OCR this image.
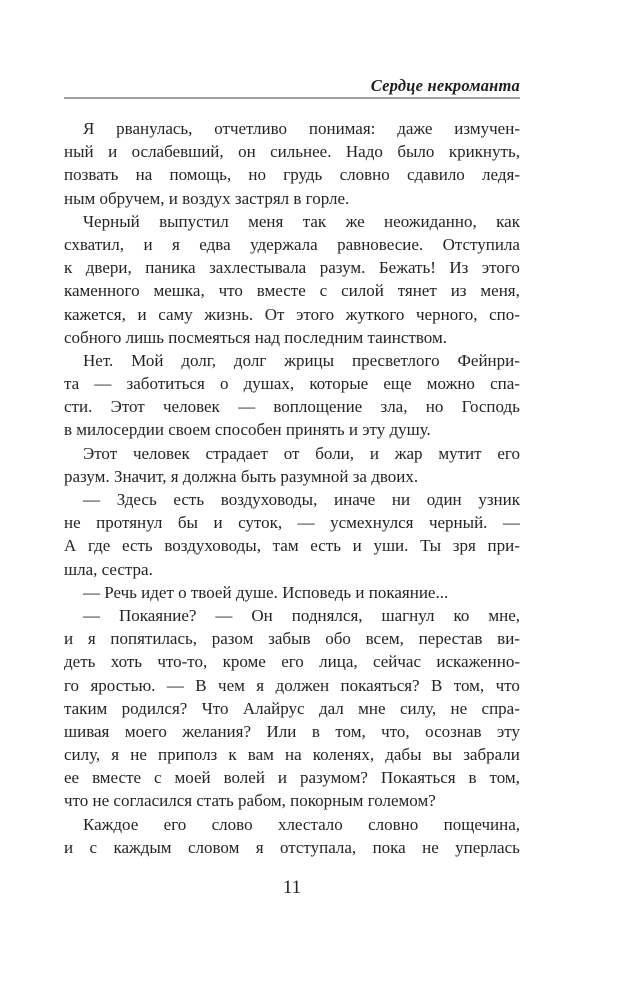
Сердце некроманта
Я рванулась, отчетливо понимая: даже измучен-
ный и ослабевший, он сильнее. Надо было крикнуть,
позвать на помощь, но грудь словно сдавило ледя-
ным обручем, и воздух застрял в горле.
Черный выпустил меня так же неожиданно, как
схватил, и я едва удержала равновесие. Отступила
к двери, паника захлестывала разум. Бежать! Из этого
каменного мешка, что вместе с силой тянет из меня,
кажется, и саму жизнь. От этого жуткого черного, спо-
собного лишь посмеяться над последним таинством.
Нет. Мой долг, долг жрицы пресветлого Фейнри-
та — заботиться о душах, которые еще можно спа-
сти. Этот человек — воплощение зла, но Господь
в милосердии своем способен принять и эту душу.
Этот человек страдает от боли, и жар мутит его
разум. Значит, я должна быть разумной за двоих.
— Здесь есть воздуховоды, иначе ни один узник
не протянул бы и суток, — усмехнулся черный. —
А где есть воздуховоды, там есть и уши. Ты зря при-
шла, сестра.
— Речь идет о твоей душе. Исповедь и покаяние...
— Покаяние? — Он поднялся, шагнул ко мне,
и я попятилась, разом забыв обо всем, перестав ви-
деть хоть что-то, кроме его лица, сейчас искаженно-
го яростью. — В чем я должен покаяться? В том, что
таким родился? Что Алайрус дал мне силу, не спра-
шивая моего желания? Или в том, что, осознав эту
силу, я не приполз к вам на коленях, дабы вы забрали
ее вместе с моей волей и разумом? Покаяться в том,
что не согласился стать рабом, покорным големом?
Каждое его слово хлестало словно пощечина,
и с каждым словом я отступала, пока не уперлась
11
